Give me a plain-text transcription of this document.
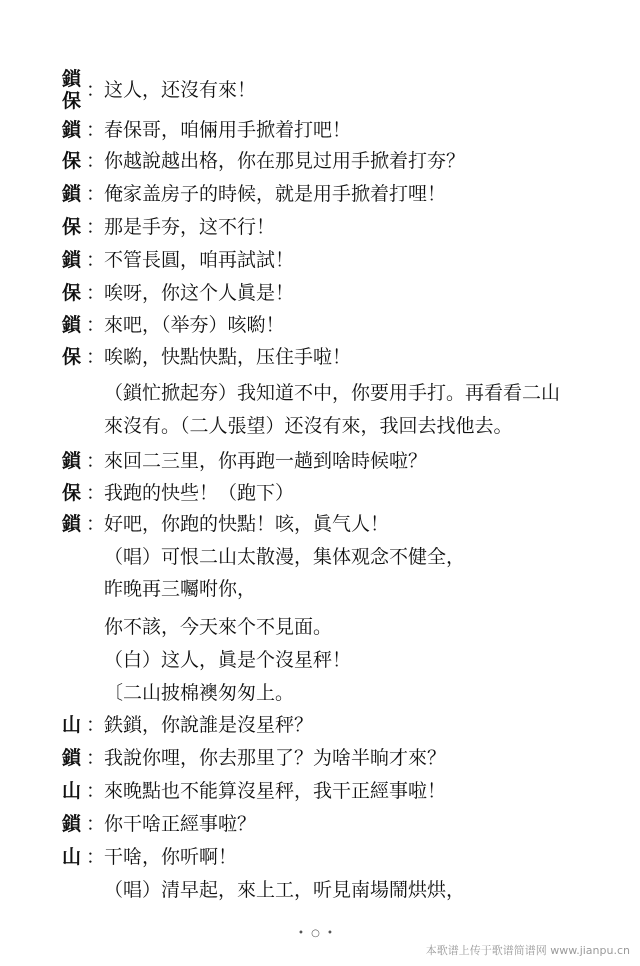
鎖
保 ：这人，还沒有來！
鎖 ：春保哥，咱倆用手掀着打吧！
保 ：你越說越出格，你在那見过用手掀着打夯？
鎖 ：俺家盖房子的時候，就是用手掀着打哩！
保 ：那是手夯，这不行！
鎖 ：不管長圓，咱再試試！
保 ：唉呀，你这个人眞是！
鎖 ：來吧，（举夯）咳喲！
保 ：唉喲，快點快點，压住手啦！
（鎖忙掀起夯）我知道不中，你要用手打。再看看二山
來沒有。（二人張望）还沒有來，我回去找他去。
鎖 ：來回二三里，你再跑一趟到啥時候啦？
保 ：我跑的快些！（跑下）
鎖 ：好吧，你跑的快點！咳，眞气人！
（唱）可恨二山太散漫，集体观念不健全，
昨晚再三囑咐你，
你不該，今天來个不見面。
（白）这人，眞是个沒星秤！
〔二山披棉襖匆匆上。
山 ：鉄鎖，你說誰是沒星秤？
鎖 ：我說你哩，你去那里了？为啥半晌才來？
山 ：來晚點也不能算沒星秤，我干正經事啦！
鎖 ：你干啥正經事啦？
山 ：干啥，你听啊！
（唱）清早起，來上工，听見南場鬧烘烘，
• ○ •
本歌谱上传于歌谱简谱网 www.jianpu.cn
